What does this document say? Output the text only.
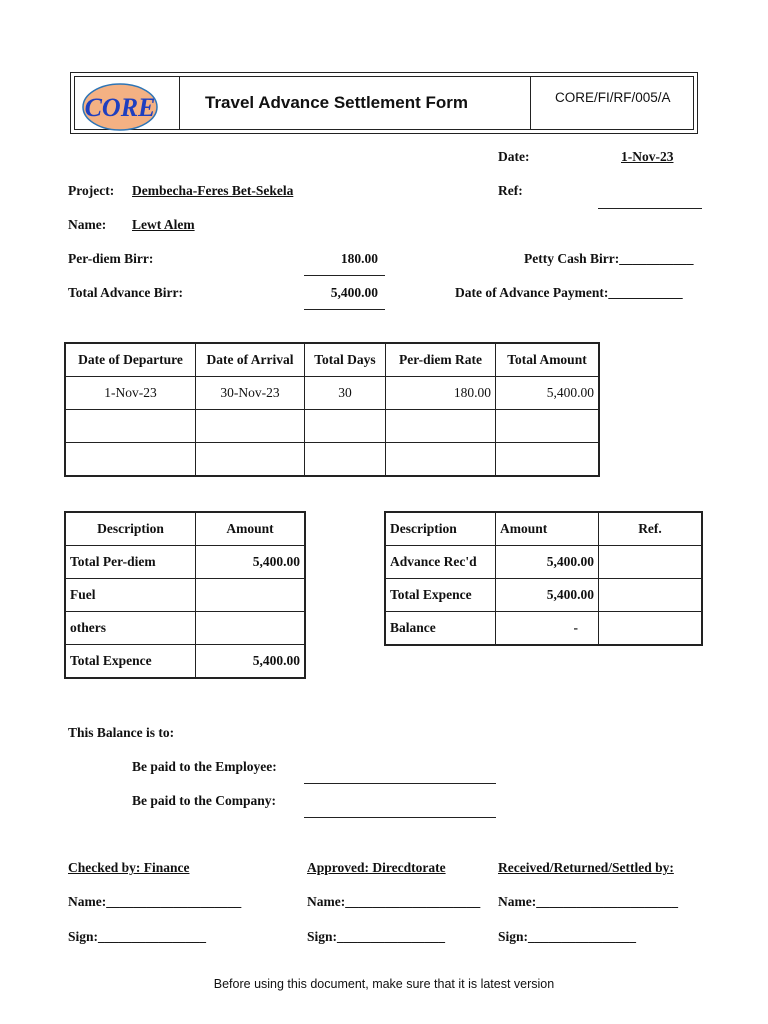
CORE	Travel Advance Settlement Form	CORE/FI/RF/005/A
Date:	1-Nov-23
Project: Dembecha-Feres Bet-Sekela	Ref:
Name: Lewt Alem
Per-diem Birr:	180.00	Petty Cash Birr:___________
Total Advance Birr:	5,400.00	Date of Advance Payment:___________
Date of Departure	Date of Arrival	Total Days	Per-diem Rate	Total Amount
1-Nov-23	30-Nov-23	30	180.00	5,400.00

Description	Amount
Total Per-diem	5,400.00
Fuel	
others	
Total Expence	5,400.00
Description	Amount	Ref.
Advance Rec'd	5,400.00	
Total Expence	5,400.00	
Balance	-	
This Balance is to:
Be paid to the Employee:
Be paid to the Company:
Checked by: Finance
Name:____________________
Sign:________________
Approved: Direcdtorate
Name:____________________
Sign:________________
Received/Returned/Settled by:
Name:_____________________
Sign:________________
Before using this document, make sure that it is latest version
